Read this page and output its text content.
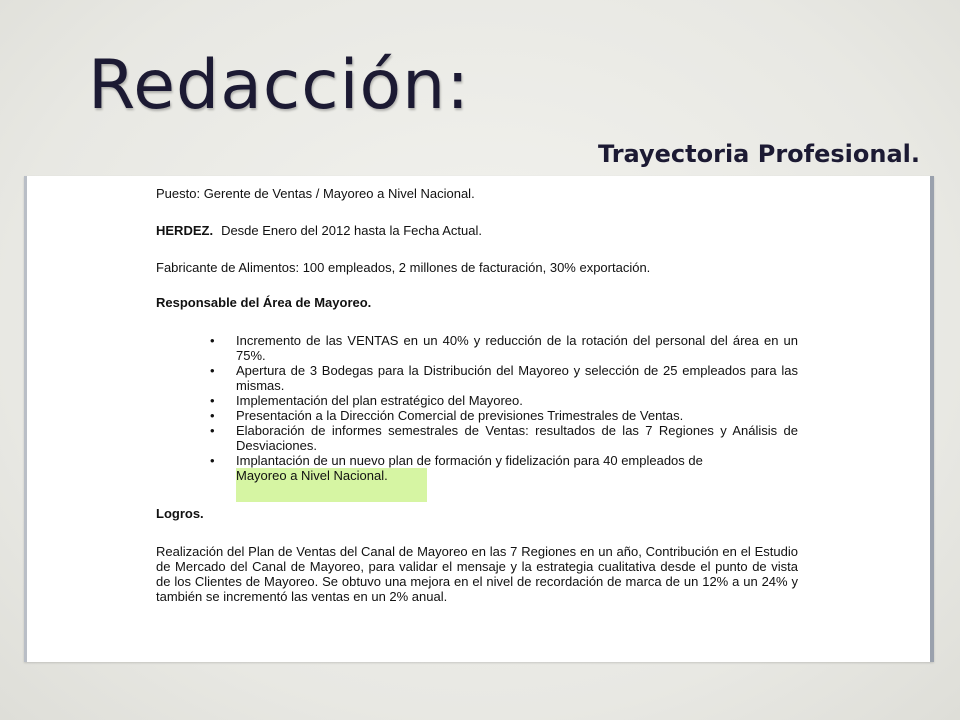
Redacción:
Trayectoria Profesional.

Puesto: Gerente de Ventas / Mayoreo a Nivel Nacional.

HERDEZ. Desde Enero del 2012 hasta la Fecha Actual.

Fabricante de Alimentos: 100 empleados, 2 millones de facturación, 30% exportación.

Responsable del Área de Mayoreo.

• Incremento de las VENTAS en un 40% y reducción de la rotación del personal del área en un 75%.
• Apertura de 3 Bodegas para la Distribución del Mayoreo y selección de 25 empleados para las mismas.
• Implementación del plan estratégico del Mayoreo.
• Presentación a la Dirección Comercial de previsiones Trimestrales de Ventas.
• Elaboración de informes semestrales de Ventas: resultados de las 7 Regiones y Análisis de Desviaciones.
• Implantación de un nuevo plan de formación y fidelización para 40 empleados de
Mayoreo a Nivel Nacional.

Logros.

Realización del Plan de Ventas del Canal de Mayoreo en las 7 Regiones en un año, Contribución en el Estudio de Mercado del Canal de Mayoreo, para validar el mensaje y la estrategia cualitativa desde el punto de vista de los Clientes de Mayoreo. Se obtuvo una mejora en el nivel de recordación de marca de un 12% a un 24% y también se incrementó las ventas en un 2% anual.
